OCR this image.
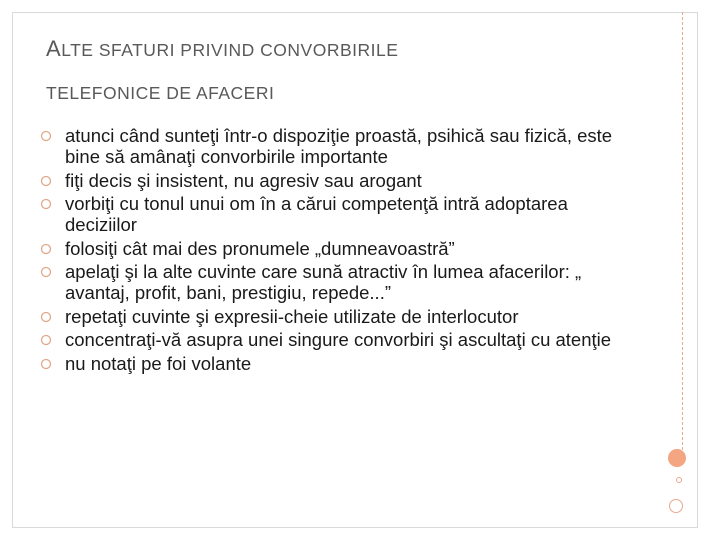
ALTE SFATURI PRIVIND CONVORBIRILE
TELEFONICE DE AFACERI
atunci când sunteţi într-o dispoziţie proastă, psihică sau fizică, este bine să amânaţi convorbirile importante
fiţi decis şi insistent, nu agresiv sau arogant
vorbiţi cu tonul unui om în a cărui competenţă intră adoptarea deciziilor
folosiţi cât mai des pronumele „dumneavoastră”
apelaţi şi la alte cuvinte care sună atractiv în lumea afacerilor: „ avantaj, profit, bani, prestigiu, repede...”
repetaţi cuvinte şi expresii-cheie utilizate de interlocutor
concentraţi-vă asupra unei singure convorbiri şi ascultaţi cu atenţie
nu notaţi pe foi volante
